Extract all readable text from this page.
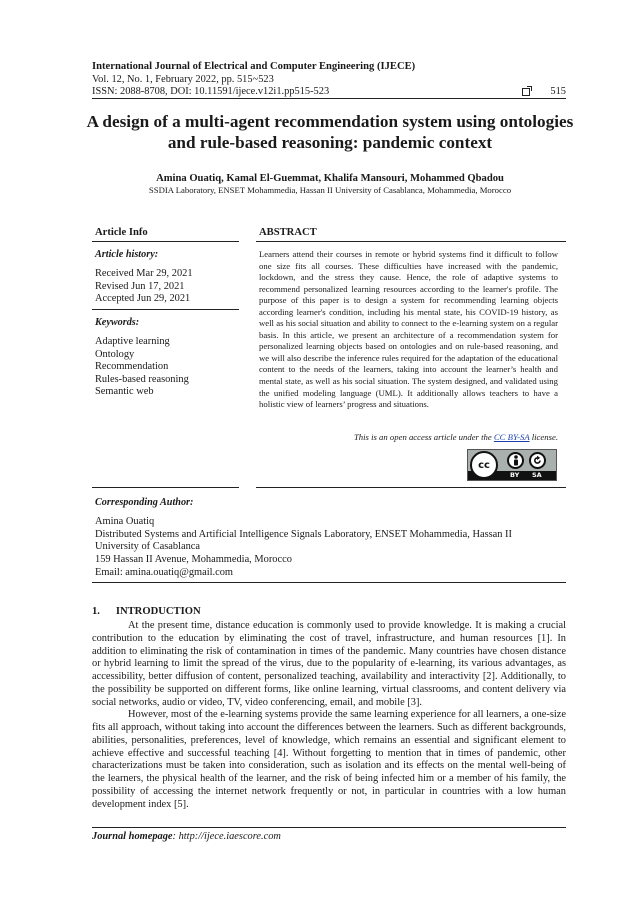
International Journal of Electrical and Computer Engineering (IJECE)
Vol. 12, No. 1, February 2022, pp. 515~523
ISSN: 2088-8708, DOI: 10.11591/ijece.v12i1.pp515-523	515
A design of a multi-agent recommendation system using ontologies and rule-based reasoning: pandemic context
Amina Ouatiq, Kamal El-Guemmat, Khalifa Mansouri, Mohammed Qbadou
SSDIA Laboratory, ENSET Mohammedia, Hassan II University of Casablanca, Mohammedia, Morocco
Article Info
Article history:
Received Mar 29, 2021
Revised Jun 17, 2021
Accepted Jun 29, 2021
Keywords:
Adaptive learning
Ontology
Recommendation
Rules-based reasoning
Semantic web
ABSTRACT
Learners attend their courses in remote or hybrid systems find it difficult to follow one size fits all courses. These difficulties have increased with the pandemic, lockdown, and the stress they cause. Hence, the role of adaptive systems to recommend personalized learning resources according to the learner's profile. The purpose of this paper is to design a system for recommending learning objects according learner's condition, including his mental state, his COVID-19 history, as well as his social situation and ability to connect to the e-learning system on a regular basis. In this article, we present an architecture of a recommendation system for personalized learning objects based on ontologies and on rule-based reasoning, and we will also describe the inference rules required for the adaptation of the educational content to the needs of the learners, taking into account the learner’s health and mental state, as well as his social situation. The system designed, and validated using the unified modeling language (UML). It additionally allows teachers to have a holistic view of learners’ progress and situations.
This is an open access article under the CC BY-SA license.
cc
BY SA
Corresponding Author:
Amina Ouatiq
Distributed Systems and Artificial Intelligence Signals Laboratory, ENSET Mohammedia, Hassan II
University of Casablanca
159 Hassan II Avenue, Mohammedia, Morocco
Email: amina.ouatiq@gmail.com
1.      INTRODUCTION

At the present time, distance education is commonly used to provide knowledge. It is making a crucial contribution to the education by eliminating the cost of travel, infrastructure, and human resources [1]. In addition to eliminating the risk of contamination in times of the pandemic. Many countries have chosen distance or hybrid learning to limit the spread of the virus, due to the popularity of e-learning, its various advantages, as accessibility, better diffusion of content, personalized teaching, availability and interactivity [2]. Additionally, to the possibility be supported on different forms, like online learning, virtual classrooms, and content delivery via social networks, audio or video, TV, video conferencing, email, and mobile [3].

However, most of the e-learning systems provide the same learning experience for all learners, a one-size fits all approach, without taking into account the differences between the learners. Such as different backgrounds, abilities, personalities, preferences, level of knowledge, which remains an essential and significant element to achieve effective and successful teaching [4]. Without forgetting to mention that in times of pandemic, other characterizations must be taken into consideration, such as isolation and its effects on the mental well-being of the learners, the physical health of the learner, and the risk of being infected him or a member of his family, the possibility of accessing the internet network frequently or not, in particular in countries with a low human development index [5].

Journal homepage: http://ijece.iaescore.com
